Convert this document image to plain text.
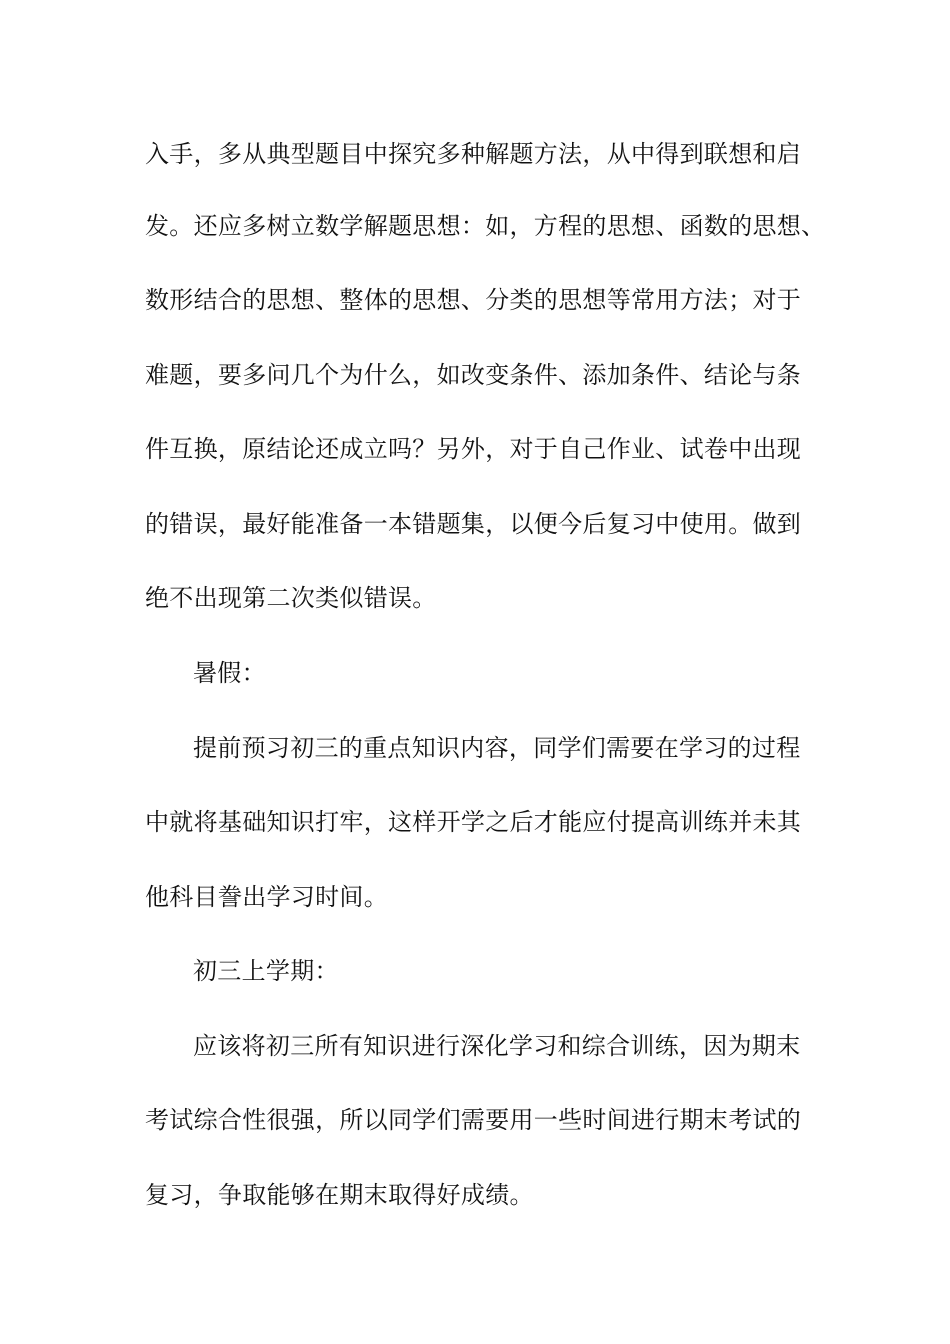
入手，多从典型题目中探究多种解题方法，从中得到联想和启
发。还应多树立数学解题思想：如，方程的思想、函数的思想、
数形结合的思想、整体的思想、分类的思想等常用方法；对于
难题，要多问几个为什么，如改变条件、添加条件、结论与条
件互换，原结论还成立吗？另外，对于自己作业、试卷中出现
的错误，最好能准备一本错题集，以便今后复习中使用。做到
绝不出现第二次类似错误。
暑假：
提前预习初三的重点知识内容，同学们需要在学习的过程
中就将基础知识打牢，这样开学之后才能应付提高训练并未其
他科目誊出学习时间。
初三上学期：
应该将初三所有知识进行深化学习和综合训练，因为期末
考试综合性很强，所以同学们需要用一些时间进行期末考试的
复习，争取能够在期末取得好成绩。
